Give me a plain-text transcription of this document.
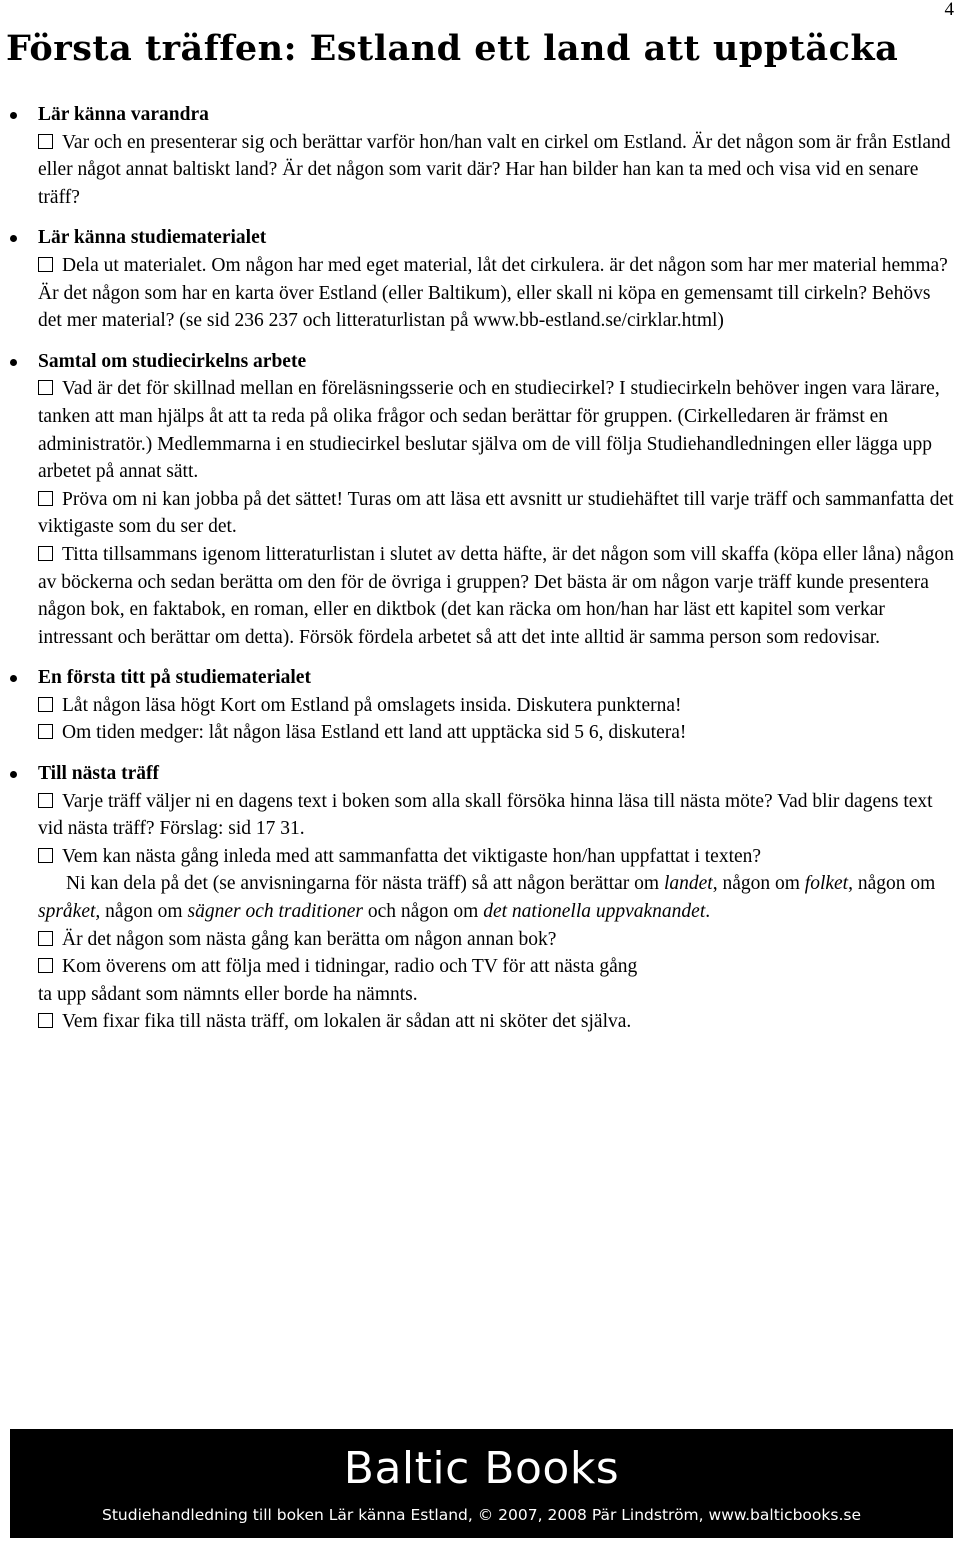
4
Första träffen: Estland ett land att upptäcka
Lär känna varandra

Var och en presenterar sig och berättar varför hon/han valt en cirkel om Estland. Är det någon som är från Estland eller något annat baltiskt land? Är det någon som varit där? Har han bilder han kan ta med och visa vid en senare träff?

Lär känna studiematerialet

Dela ut materialet. Om någon har med eget material, låt det cirkulera. är det någon som har mer material hemma? Är det någon som har en karta över Estland (eller Baltikum), eller skall ni köpa en gemensamt till cirkeln? Behövs det mer material? (se sid 236 237 och litteraturlistan på www.bb-estland.se/cirklar.html)

Samtal om studiecirkelns arbete

Vad är det för skillnad mellan en föreläsningsserie och en studiecirkel? I studiecirkeln behöver ingen vara lärare, tanken att man hjälps åt att ta reda på olika frågor och sedan berättar för gruppen. (Cirkelledaren är främst en administratör.) Medlemmarna i en studiecirkel beslutar själva om de vill följa Studiehandledningen eller lägga upp arbetet på annat sätt.

Pröva om ni kan jobba på det sättet! Turas om att läsa ett avsnitt ur studiehäftet till varje träff och sammanfatta det viktigaste som du ser det.

Titta tillsammans igenom litteraturlistan i slutet av detta häfte, är det någon som vill skaffa (köpa eller låna) någon av böckerna och sedan berätta om den för de övriga i gruppen? Det bästa är om någon varje träff kunde presentera någon bok, en faktabok, en roman, eller en diktbok (det kan räcka om hon/han har läst ett kapitel som verkar intressant och berättar om detta). Försök fördela arbetet så att det inte alltid är samma person som redovisar.

En första titt på studiematerialet

Låt någon läsa högt Kort om Estland på omslagets insida. Diskutera punkterna!

Om tiden medger: låt någon läsa Estland ett land att upptäcka sid 5 6, diskutera!

Till nästa träff

Varje träff väljer ni en dagens text i boken som alla skall försöka hinna läsa till nästa möte? Vad blir dagens text vid nästa träff? Förslag: sid 17 31.

Vem kan nästa gång inleda med att sammanfatta det viktigaste hon/han uppfattat i texten?

Ni kan dela på det (se anvisningarna för nästa träff) så att någon berättar om landet, någon om folket, någon om språket, någon om sägner och traditioner och någon om det nationella uppvaknandet.

Är det någon som nästa gång kan berätta om någon annan bok?

Kom överens om att följa med i tidningar, radio och TV för att nästa gång
ta upp sådant som nämnts eller borde ha nämnts.

Vem fixar fika till nästa träff, om lokalen är sådan att ni sköter det själva.

Baltic Books
Studiehandledning till boken Lär känna Estland, © 2007, 2008 Pär Lindström, www.balticbooks.se
